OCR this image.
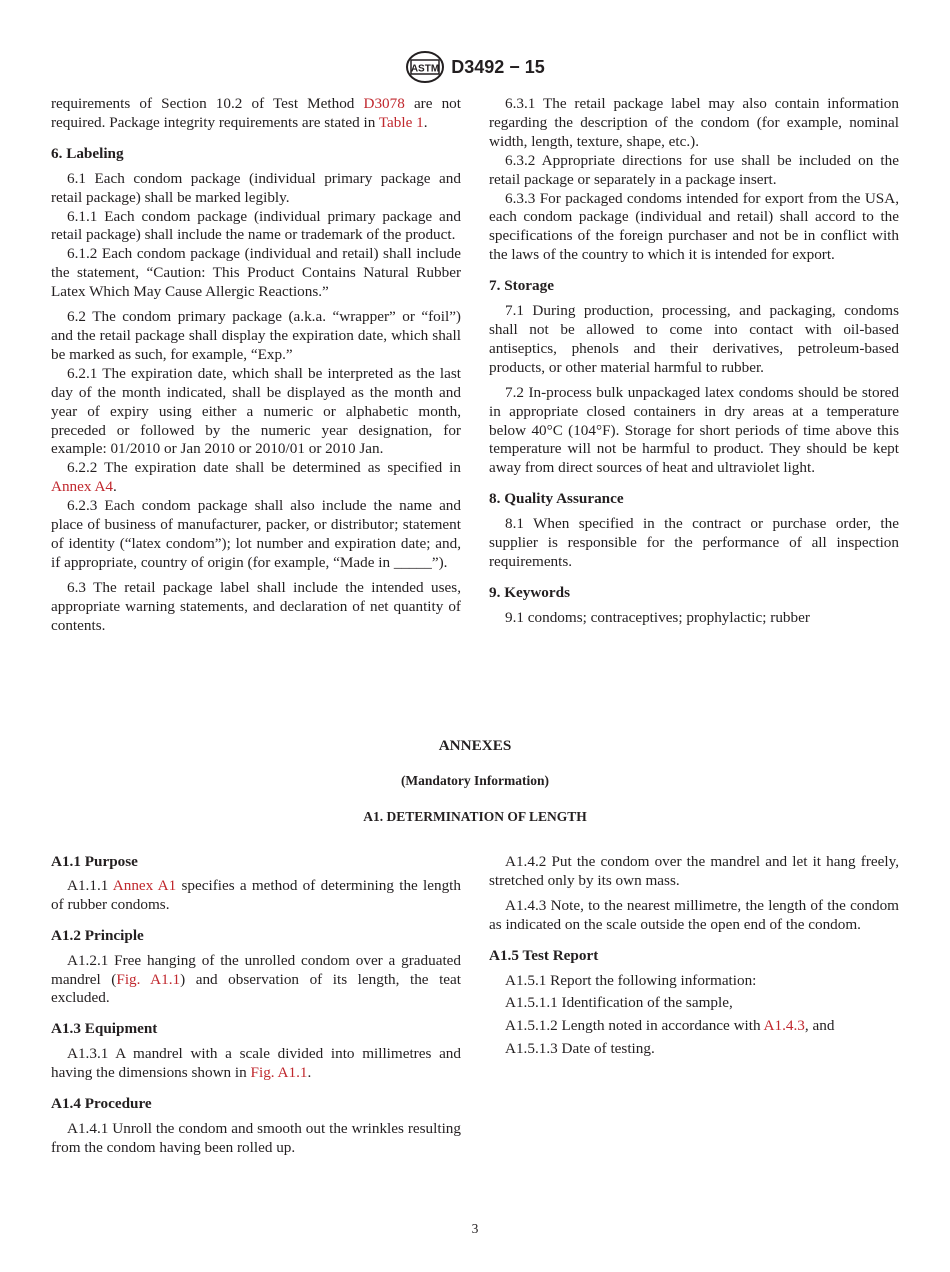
ASTM D3492 − 15

requirements of Section 10.2 of Test Method D3078 are not required. Package integrity requirements are stated in Table 1.

6. Labeling

6.1 Each condom package (individual primary package and retail package) shall be marked legibly.

6.1.1 Each condom package (individual primary package and retail package) shall include the name or trademark of the product.

6.1.2 Each condom package (individual and retail) shall include the statement, “Caution: This Product Contains Natural Rubber Latex Which May Cause Allergic Reactions.”

6.2 The condom primary package (a.k.a. “wrapper” or “foil”) and the retail package shall display the expiration date, which shall be marked as such, for example, “Exp.”

6.2.1 The expiration date, which shall be interpreted as the last day of the month indicated, shall be displayed as the month and year of expiry using either a numeric or alphabetic month, preceded or followed by the numeric year designation, for example: 01/2010 or Jan 2010 or 2010/01 or 2010 Jan.

6.2.2 The expiration date shall be determined as specified in Annex A4.

6.2.3 Each condom package shall also include the name and place of business of manufacturer, packer, or distributor; statement of identity (“latex condom”); lot number and expiration date; and, if appropriate, country of origin (for example, “Made in _____”).

6.3 The retail package label shall include the intended uses, appropriate warning statements, and declaration of net quantity of contents.

6.3.1 The retail package label may also contain information regarding the description of the condom (for example, nominal width, length, texture, shape, etc.).

6.3.2 Appropriate directions for use shall be included on the retail package or separately in a package insert.

6.3.3 For packaged condoms intended for export from the USA, each condom package (individual and retail) shall accord to the specifications of the foreign purchaser and not be in conflict with the laws of the country to which it is intended for export.

7. Storage

7.1 During production, processing, and packaging, condoms shall not be allowed to come into contact with oil-based antiseptics, phenols and their derivatives, petroleum-based products, or other material harmful to rubber.

7.2 In-process bulk unpackaged latex condoms should be stored in appropriate closed containers in dry areas at a temperature below 40°C (104°F). Storage for short periods of time above this temperature will not be harmful to product. They should be kept away from direct sources of heat and ultraviolet light.

8. Quality Assurance

8.1 When specified in the contract or purchase order, the supplier is responsible for the performance of all inspection requirements.

9. Keywords

9.1 condoms; contraceptives; prophylactic; rubber

ANNEXES
(Mandatory Information)
A1. DETERMINATION OF LENGTH
A1.1 Purpose

A1.1.1 Annex A1 specifies a method of determining the length of rubber condoms.

A1.2 Principle

A1.2.1 Free hanging of the unrolled condom over a graduated mandrel (Fig. A1.1) and observation of its length, the teat excluded.

A1.3 Equipment

A1.3.1 A mandrel with a scale divided into millimetres and having the dimensions shown in Fig. A1.1.

A1.4 Procedure

A1.4.1 Unroll the condom and smooth out the wrinkles resulting from the condom having been rolled up.

A1.4.2 Put the condom over the mandrel and let it hang freely, stretched only by its own mass.

A1.4.3 Note, to the nearest millimetre, the length of the condom as indicated on the scale outside the open end of the condom.

A1.5 Test Report

A1.5.1 Report the following information:

A1.5.1.1 Identification of the sample,

A1.5.1.2 Length noted in accordance with A1.4.3, and

A1.5.1.3 Date of testing.

3
